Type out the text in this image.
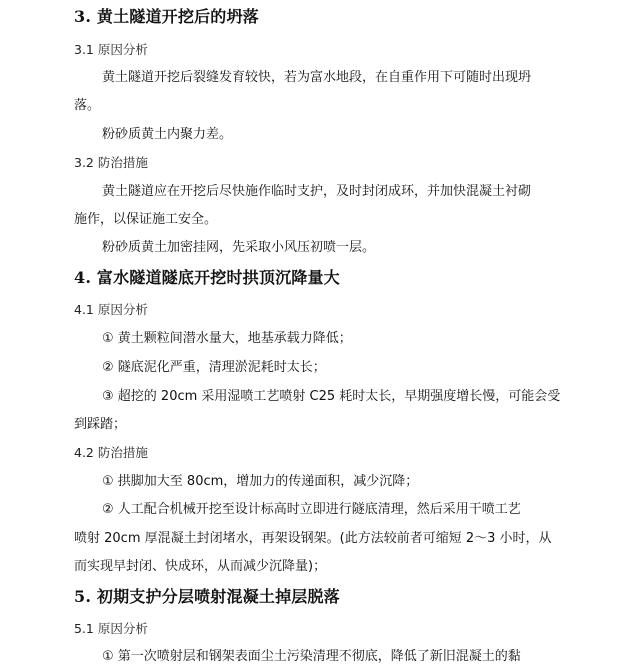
3. 黄土隧道开挖后的坍落
3.1 原因分析
黄土隧道开挖后裂缝发育较快，若为富水地段，在自重作用下可随时出现坍
落。
粉砂质黄土内聚力差。
3.2 防治措施
黄土隧道应在开挖后尽快施作临时支护，及时封闭成环，并加快混凝土衬砌
施作，以保证施工安全。
粉砂质黄土加密挂网，先采取小风压初喷一层。
4. 富水隧道隧底开挖时拱顶沉降量大
4.1 原因分析
① 黄土颗粒间潜水量大，地基承载力降低；
② 隧底泥化严重，清理淤泥耗时太长；
③ 超挖的 20cm 采用湿喷工艺喷射 C25 耗时太长，早期强度增长慢，可能会受
到踩踏；
4.2 防治措施
① 拱脚加大至 80cm，增加力的传递面积，减少沉降；
② 人工配合机械开挖至设计标高时立即进行隧底清理，然后采用干喷工艺
喷射 20cm 厚混凝土封闭堵水，再架设钢架。(此方法较前者可缩短 2～3 小时，从
而实现早封闭、快成环，从而减少沉降量)；
5. 初期支护分层喷射混凝土掉层脱落
5.1 原因分析
① 第一次喷射层和钢架表面尘土污染清理不彻底，降低了新旧混凝土的黏
